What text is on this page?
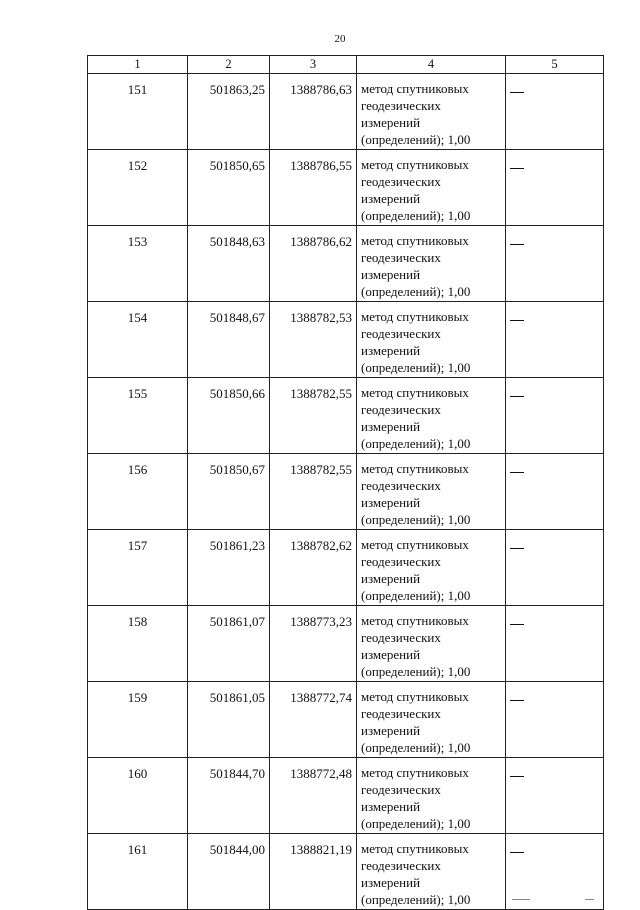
20
1	2	3	4	5
151	501863,25	1388786,63	метод спутниковых
геодезических
измерений
(определений); 1,00	

152	501850,65	1388786,55	метод спутниковых
геодезических
измерений
(определений); 1,00	

153	501848,63	1388786,62	метод спутниковых
геодезических
измерений
(определений); 1,00	

154	501848,67	1388782,53	метод спутниковых
геодезических
измерений
(определений); 1,00	

155	501850,66	1388782,55	метод спутниковых
геодезических
измерений
(определений); 1,00	

156	501850,67	1388782,55	метод спутниковых
геодезических
измерений
(определений); 1,00	

157	501861,23	1388782,62	метод спутниковых
геодезических
измерений
(определений); 1,00	

158	501861,07	1388773,23	метод спутниковых
геодезических
измерений
(определений); 1,00	

159	501861,05	1388772,74	метод спутниковых
геодезических
измерений
(определений); 1,00	

160	501844,70	1388772,48	метод спутниковых
геодезических
измерений
(определений); 1,00	

161	501844,00	1388821,19	метод спутниковых
геодезических
измерений
(определений); 1,00	
